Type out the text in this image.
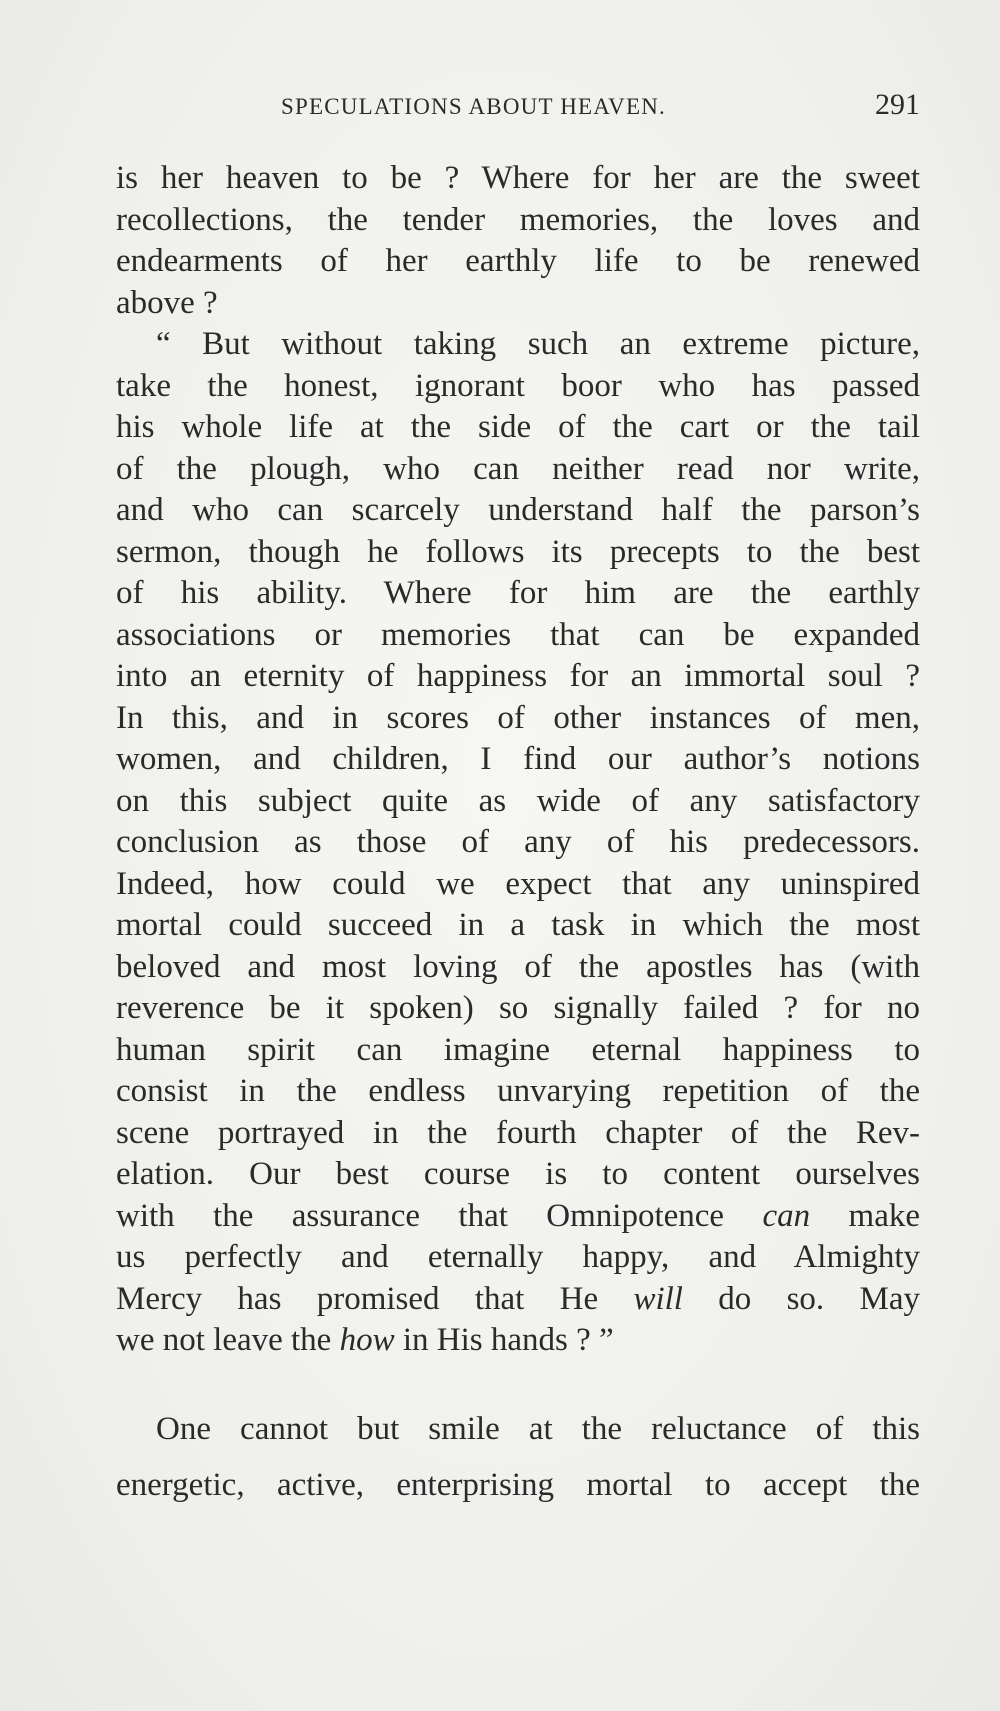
SPECULATIONS ABOUT HEAVEN.	291

is her heaven to be ? Where for her are the sweet
recollections, the tender memories, the loves and
endearments of her earthly life to be renewed
above ?

“ But without taking such an extreme picture,
take the honest, ignorant boor who has passed
his whole life at the side of the cart or the tail
of the plough, who can neither read nor write,
and who can scarcely understand half the parson’s
sermon, though he follows its precepts to the best
of his ability. Where for him are the earthly
associations or memories that can be expanded
into an eternity of happiness for an immortal soul ?
In this, and in scores of other instances of men,
women, and children, I find our author’s notions
on this subject quite as wide of any satisfactory
conclusion as those of any of his predecessors.
Indeed, how could we expect that any uninspired
mortal could succeed in a task in which the most
beloved and most loving of the apostles has (with
reverence be it spoken) so signally failed ? for no
human spirit can imagine eternal happiness to
consist in the endless unvarying repetition of the
scene portrayed in the fourth chapter of the Rev-
elation. Our best course is to content ourselves
with the assurance that Omnipotence can make
us perfectly and eternally happy, and Almighty
Mercy has promised that He will do so. May
we not leave the how in His hands ? ”

One cannot but smile at the reluctance of this
energetic, active, enterprising mortal to accept the
